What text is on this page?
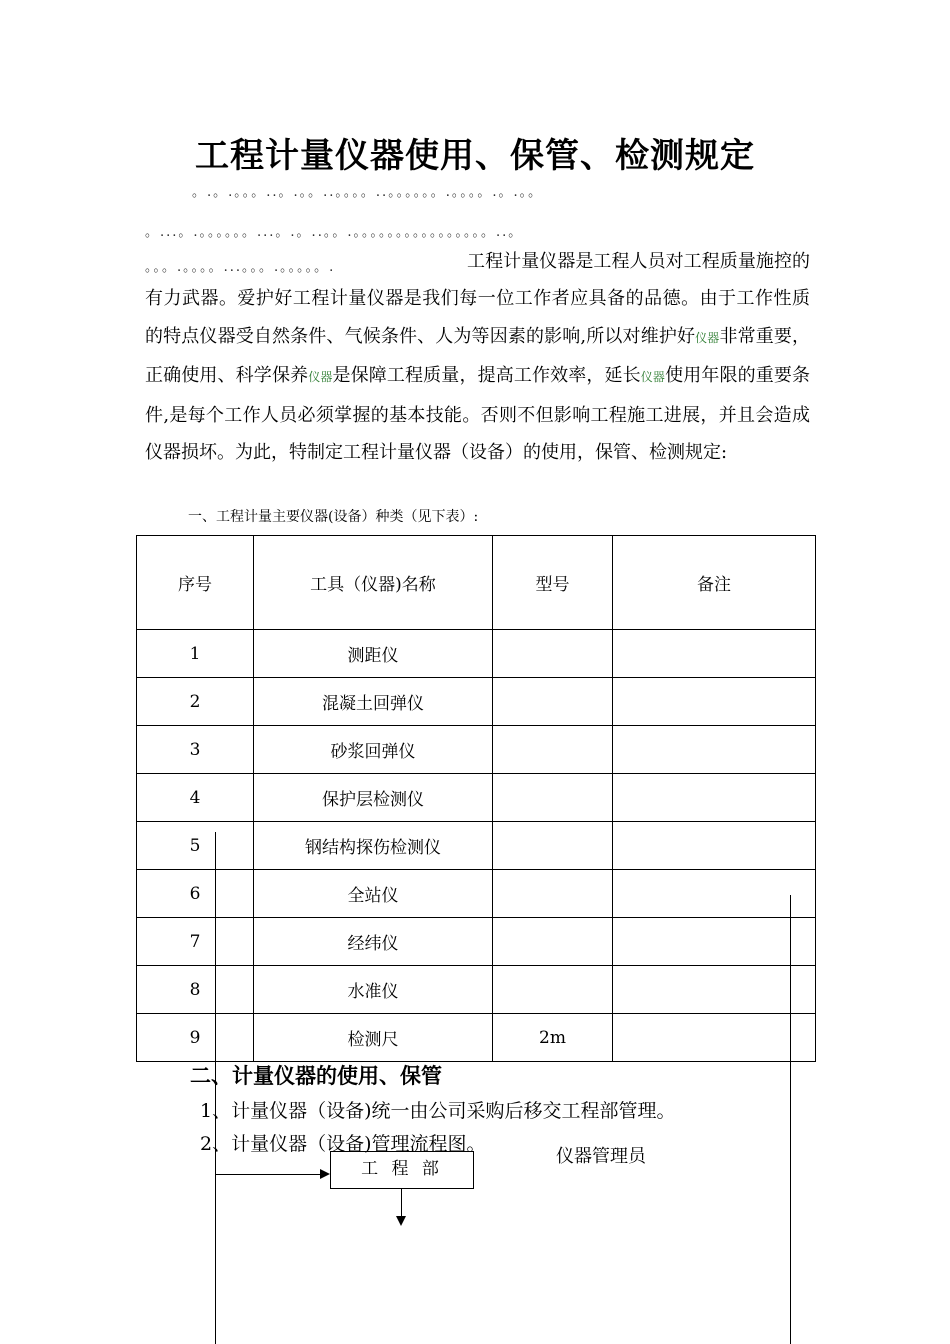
工程计量仪器使用、保管、检测规定
。.。.。。。..。.。。..。。。。..。。。。。。.。。。。.。.。。
。...。.。。。。。。...。.。..。。.。。。。。。。。。。。。。。。。..。
工程计量仪器是工程人员对工程质量施控的有力武器。爱护好工程计量仪器是我们每一位工作者应具备的品德。由于工作性质的特点仪器受自然条件、气候条件、人为等因素的影响,所以对维护好仪器非常重要，正确使用、科学保养仪器是保障工程质量，提高工作效率，延长仪器使用年限的重要条件,是每个工作人员必须掌握的基本技能。否则不但影响工程施工进展，并且会造成仪器损坏。为此，特制定工程计量仪器（设备）的使用，保管、检测规定:
。。。.。。。。...。。。.。。。。。.
一、工程计量主要仪器(设备）种类（见下表）:
序号	工具（仪器)名称	型号	备注
1	测距仪		
2	混凝土回弹仪		
3	砂浆回弹仪		
4	保护层检测仪		
5	钢结构探伤检测仪		
6	全站仪		
7	经纬仪		
8	水准仪		
9	检测尺	2m	
二、计量仪器的使用、保管
1、计量仪器（设备)统一由公司采购后移交工程部管理。
2、计量仪器（设备)管理流程图。
工 程 部
仪器管理员
